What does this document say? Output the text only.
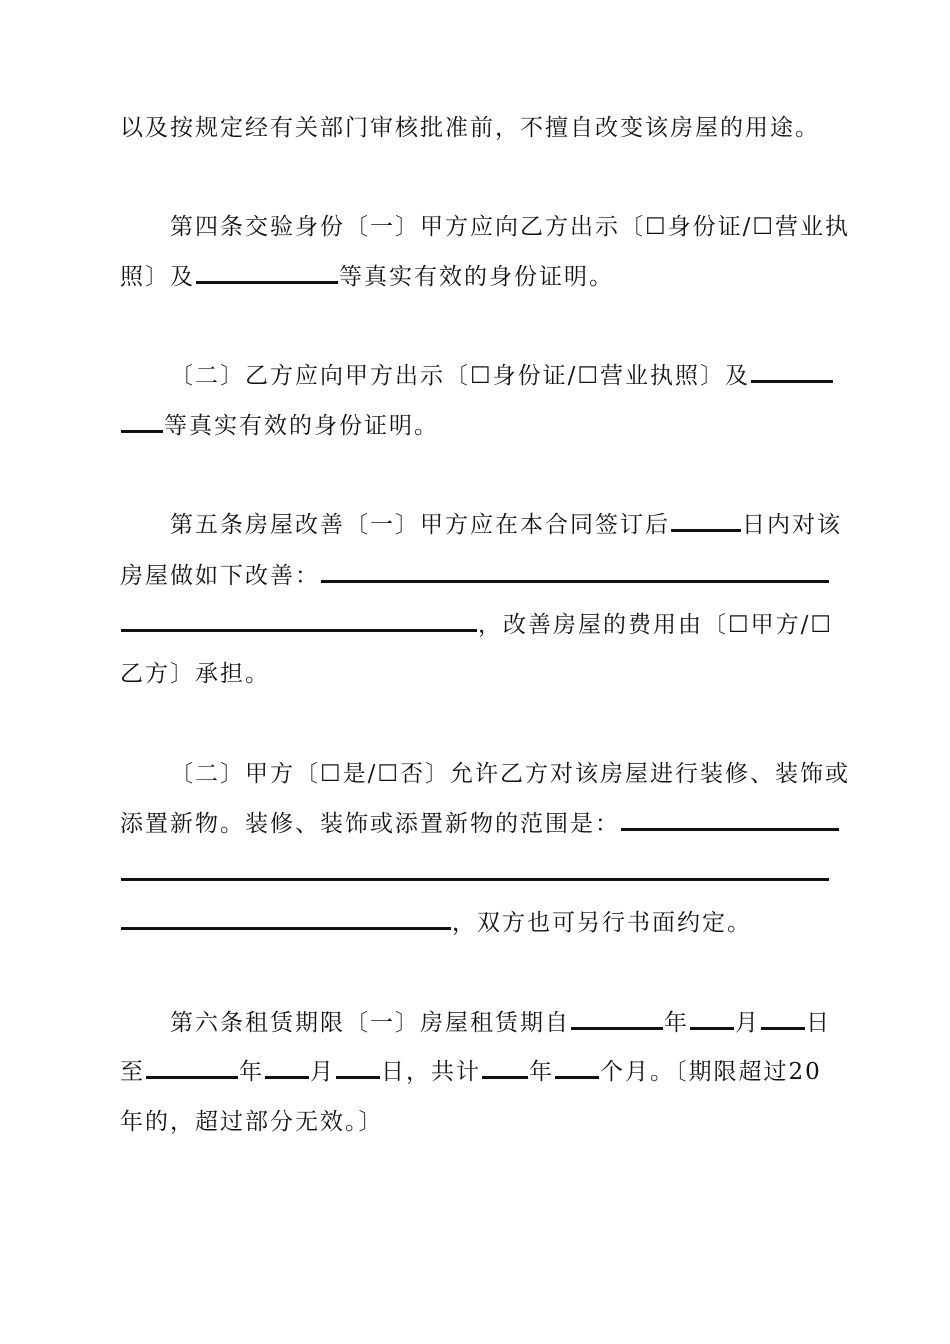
以及按规定经有关部门审核批准前，不擅自改变该房屋的用途。
第四条交验身份〔一〕甲方应向乙方出示〔☐身份证/☐营业执
照〕及	等真实有效的身份证明。
〔二〕乙方应向甲方出示〔☐身份证/☐营业执照〕及
等真实有效的身份证明。
第五条房屋改善〔一〕甲方应在本合同签订后	日内对该
房屋做如下改善：
，改善房屋的费用由〔☐甲方/☐
乙方〕承担。
〔二〕甲方〔☐是/☐否〕允许乙方对该房屋进行装修、装饰或
添置新物。装修、装饰或添置新物的范围是：
，双方也可另行书面约定。
第六条租赁期限〔一〕房屋租赁期自	年 月 日
至	年 月 日，共计 年 个月。〔期限超过20
年的，超过部分无效。〕
